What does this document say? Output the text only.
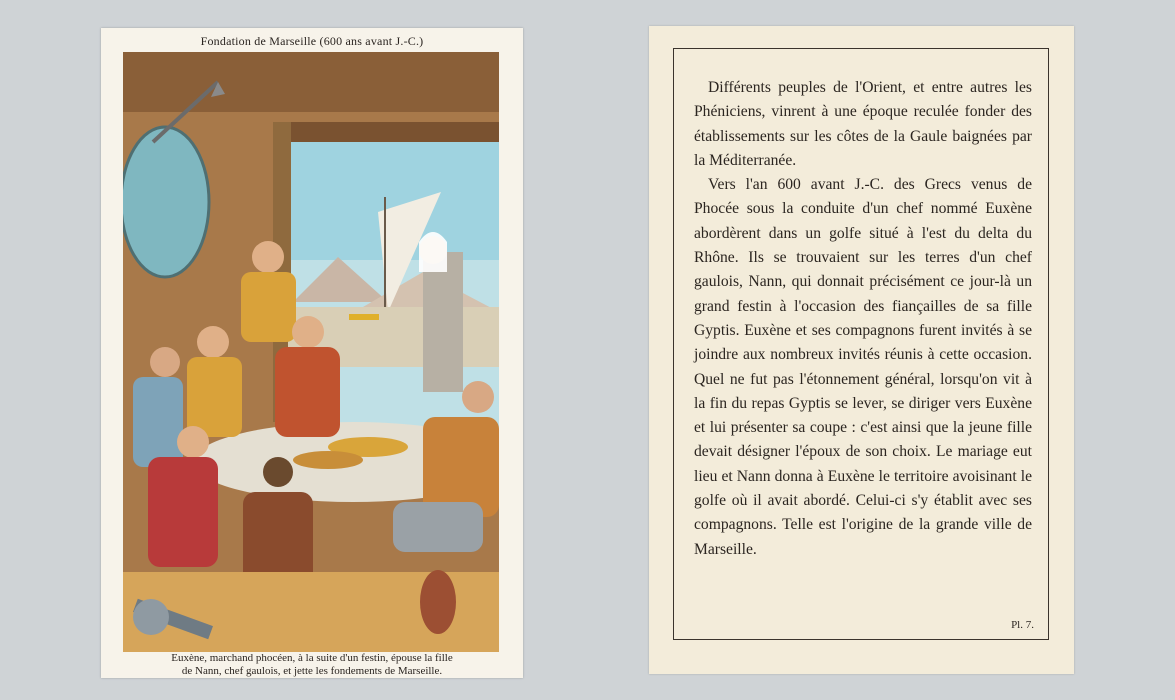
Fondation de Marseille (600 ans avant J.-C.)
Euxène, marchand phocéen, à la suite d'un festin, épouse la fille
de Nann, chef gaulois, et jette les fondements de Marseille.

Différents peuples de l'Orient, et entre autres les Phéniciens, vinrent à une époque reculée fonder des établissements sur les côtes de la Gaule baignées par la Méditerranée.

Vers l'an 600 avant J.-C. des Grecs venus de Phocée sous la conduite d'un chef nommé Euxène abordèrent dans un golfe situé à l'est du delta du Rhône. Ils se trouvaient sur les terres d'un chef gaulois, Nann, qui donnait précisément ce jour-là un grand festin à l'occasion des fiançailles de sa fille Gyptis. Euxène et ses compagnons furent invités à se joindre aux nombreux invités réunis à cette occasion. Quel ne fut pas l'étonnement général, lorsqu'on vit à la fin du repas Gyptis se lever, se diriger vers Euxène et lui présenter sa coupe : c'est ainsi que la jeune fille devait désigner l'époux de son choix. Le mariage eut lieu et Nann donna à Euxène le territoire avoisinant le golfe où il avait abordé. Celui-ci s'y établit avec ses compagnons. Telle est l'origine de la grande ville de Marseille.

Pl. 7.
